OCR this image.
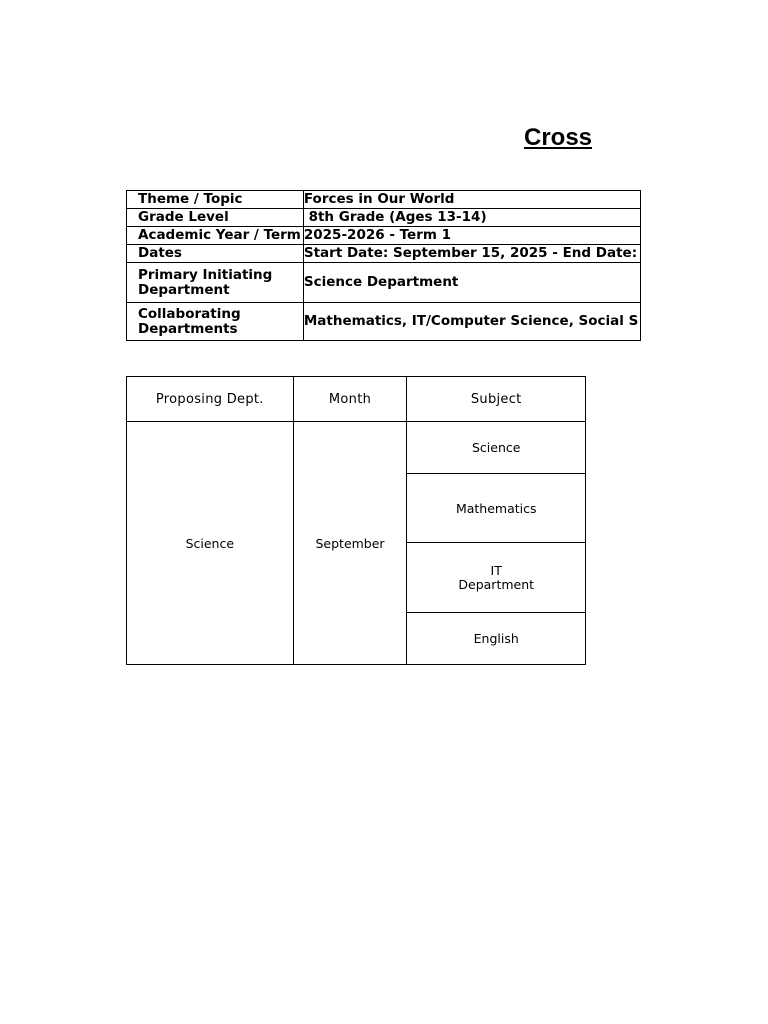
Cross
Theme / Topic	Forces in Our World
Grade Level	8th Grade (Ages 13-14)
Academic Year / Term	2025-2026 - Term 1
Dates	Start Date: September 15, 2025 - End Date:

Primary Initiating
Department	Science Department

Collaborating
Departments	Mathematics, IT/Computer Science, Social S
Proposing Dept.	Month	Subject
Science	September	Science
		Mathematics
		IT
Department
		English
